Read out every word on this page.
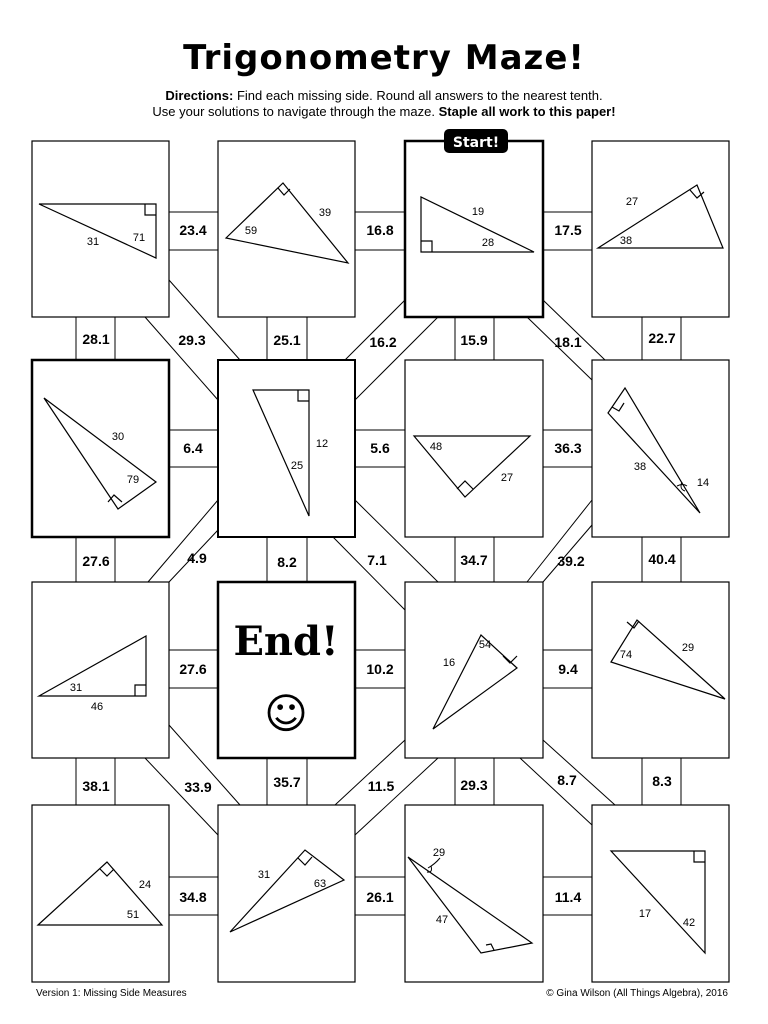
Trigonometry Maze!
Directions: Find each missing side. Round all answers to the nearest tenth.
Use your solutions to navigate through the maze. Staple all work to this paper!
23.4	16.8	17.5
6.4	5.6	36.3
27.6	10.2	9.4
34.8	26.1	11.4
28.1	25.1	15.9	22.7
27.6	8.2	34.7	40.4
38.1	35.7	29.3	8.3
29.3	16.2	18.1
4.9	7.1	39.2
33.9	11.5	8.7
Start!
End!
☺
31	71
59
39	19
28
27
38
30
79
12
25
48
27
38
14
31
46
16
54
74
29
24
51
31
63
29
47	17
42
Version 1: Missing Side Measures	© Gina Wilson (All Things Algebra), 2016
